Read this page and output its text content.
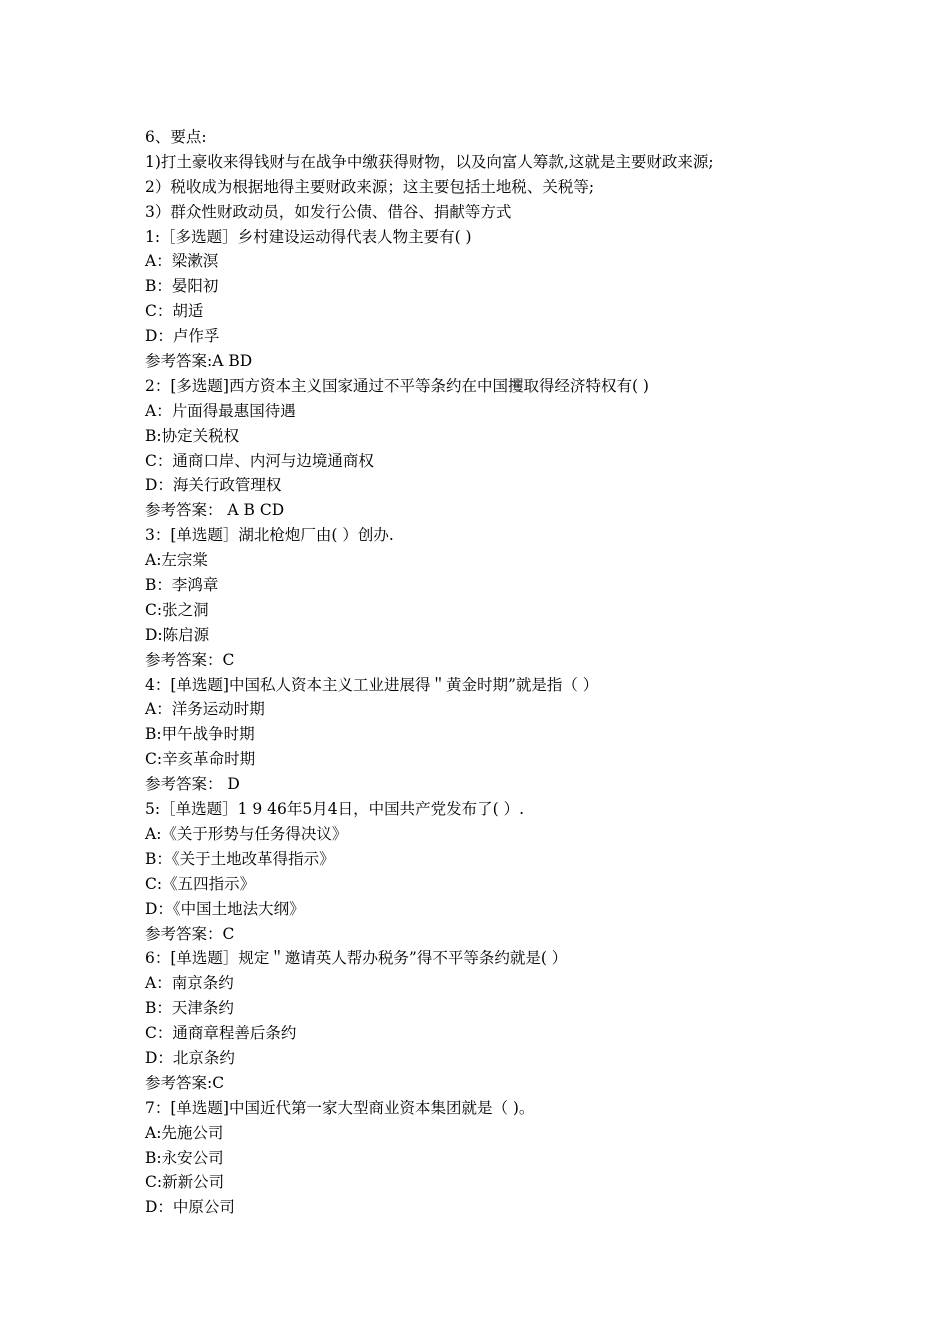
6、要点:
1)打土豪收来得钱财与在战争中缴获得财物，以及向富人筹款,这就是主要财政来源;
2）税收成为根据地得主要财政来源；这主要包括土地税、关税等;
3）群众性财政动员，如发行公债、借谷、捐献等方式
1:［多选题］乡村建设运动得代表人物主要有( )
A：梁漱溟
B：晏阳初
C：胡适
D：卢作孚
参考答案:A BD
2：[多选题]西方资本主义国家通过不平等条约在中国攫取得经济特权有( )
A：片面得最惠国待遇
B:协定关税权
C：通商口岸、内河与边境通商权
D：海关行政管理权
参考答案： A B CD
3：[单选题］湖北枪炮厂由( ）创办.
A:左宗棠
B：李鸿章
C:张之洞
D:陈启源
参考答案：C
4：[单选题]中国私人资本主义工业进展得＂黄金时期”就是指（ ）
A：洋务运动时期
B:甲午战争时期
C:辛亥革命时期
参考答案： D
5:［单选题］1 9 46年5月4日，中国共产党发布了( ）.
A:《关于形势与任务得决议》
B：《关于土地改革得指示》
C:《五四指示》
D：《中国土地法大纲》
参考答案：C
6：[单选题］规定＂邀请英人帮办税务”得不平等条约就是( ）
A：南京条约
B：天津条约
C：通商章程善后条约
D：北京条约
参考答案:C
7：[单选题]中国近代第一家大型商业资本集团就是（ )。
A:先施公司
B:永安公司
C:新新公司
D：中原公司
